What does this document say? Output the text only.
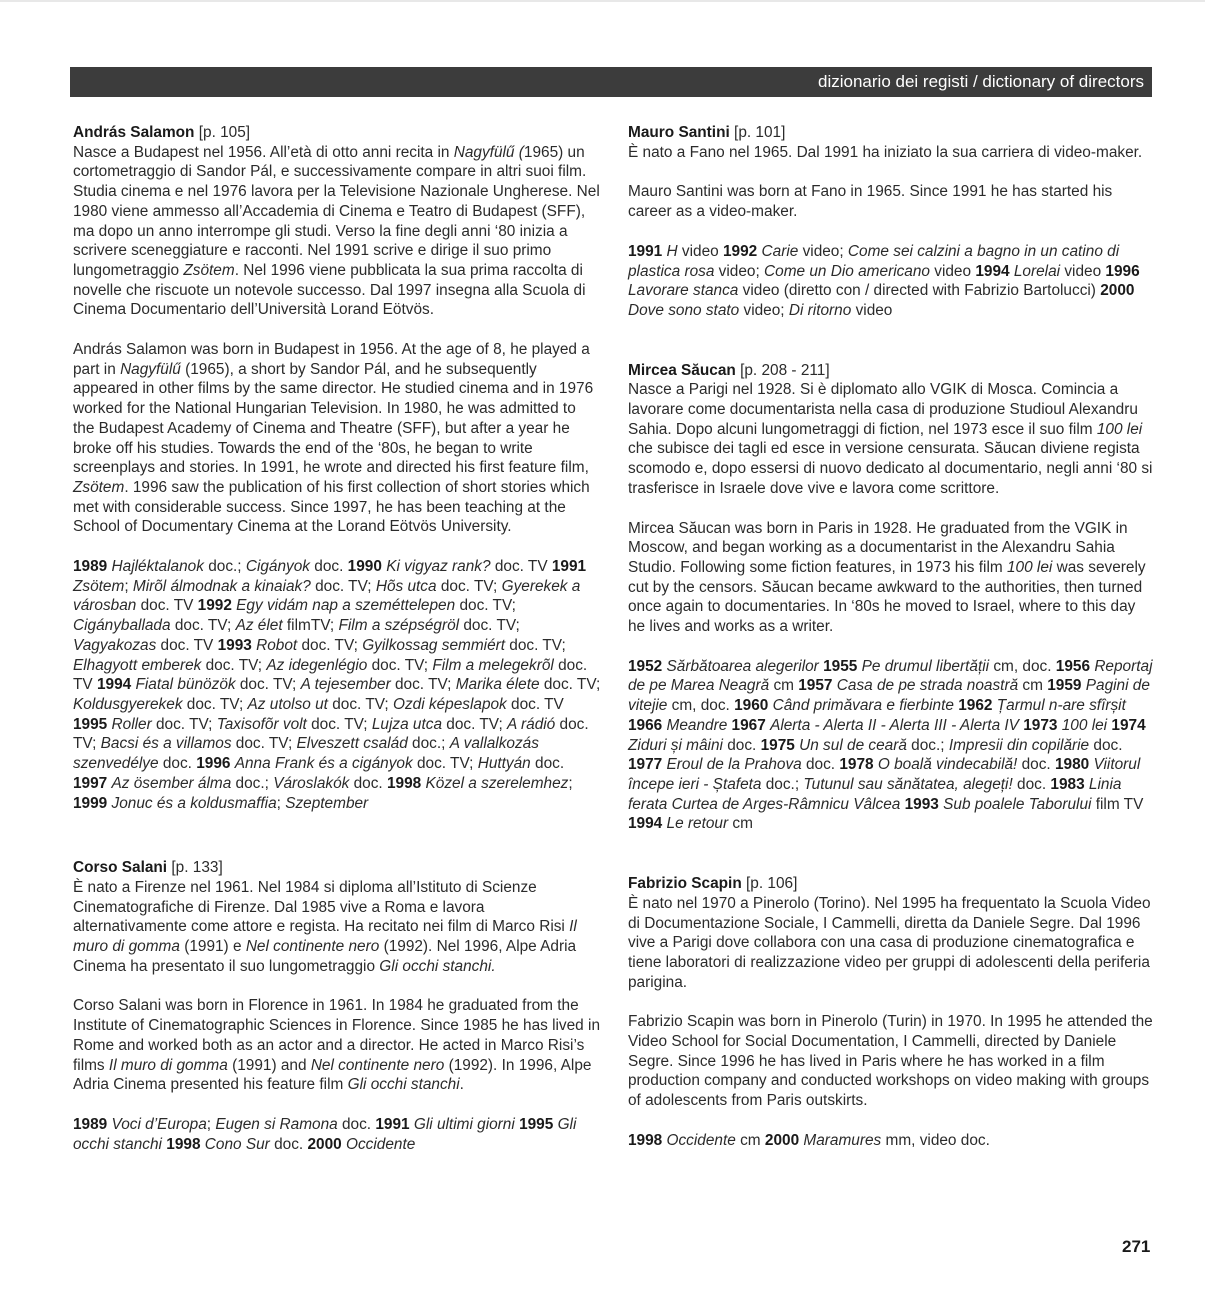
dizionario dei registi / dictionary of directors

András Salamon [p. 105]

Nasce a Budapest nel 1956. All’età di otto anni recita in Nagyfülű (1965) un cortometraggio di Sandor Pál, e successivamente compare in altri suoi film. Studia cinema e nel 1976 lavora per la Televisione Nazionale Ungherese. Nel 1980 viene ammesso all’Accademia di Cinema e Teatro di Budapest (SFF), ma dopo un anno interrompe gli studi. Verso la fine degli anni ‘80 inizia a scrivere sceneggiature e racconti. Nel 1991 scrive e dirige il suo primo lungometraggio Zsötem. Nel 1996 viene pubblicata la sua prima raccolta di novelle che riscuote un notevole successo. Dal 1997 insegna alla Scuola di Cinema Documentario dell’Università Lorand Eötvös.

András Salamon was born in Budapest in 1956. At the age of 8, he played a part in Nagyfülű (1965), a short by Sandor Pál, and he subsequently appeared in other films by the same director. He studied cinema and in 1976 worked for the National Hungarian Television. In 1980, he was admitted to the Budapest Academy of Cinema and Theatre (SFF), but after a year he broke off his studies. Towards the end of the ‘80s, he began to write screenplays and stories. In 1991, he wrote and directed his first feature film, Zsötem. 1996 saw the publication of his first collection of short stories which met with considerable success. Since 1997, he has been teaching at the School of Documentary Cinema at the Lorand Eötvös University.

1989 Hajléktalanok doc.; Cigányok doc. 1990 Ki vigyaz rank? doc. TV 1991 Zsötem; Mirõl álmodnak a kinaiak? doc. TV; Hõs utca doc. TV; Gyerekek a városban doc. TV 1992 Egy vidám nap a szeméttelepen doc. TV; Cigányballada doc. TV; Az élet filmTV; Film a szépségröl doc. TV; Vagyakozas doc. TV 1993 Robot doc. TV; Gyilkossag semmiért doc. TV; Elhagyott emberek doc. TV; Az idegenlégio doc. TV; Film a melegekrõl doc. TV 1994 Fiatal bünözök doc. TV; A tejesember doc. TV; Marika élete doc. TV; Koldusgyerekek doc. TV; Az utolso ut doc. TV; Ozdi képeslapok doc. TV 1995 Roller doc. TV; Taxisofõr volt doc. TV; Lujza utca doc. TV; A rádió doc. TV; Bacsi és a villamos doc. TV; Elveszett család doc.; A vallalkozás szenvedélye doc. 1996 Anna Frank és a cigányok doc. TV; Huttyán doc. 1997 Az ösember álma doc.; Városlakók doc. 1998 Közel a szerelemhez; 1999 Jonuc és a koldusmaffia; Szeptember

Corso Salani [p. 133]

È nato a Firenze nel 1961. Nel 1984 si diploma all’Istituto di Scienze Cinematografiche di Firenze. Dal 1985 vive a Roma e lavora alternativamente come attore e regista. Ha recitato nei film di Marco Risi Il muro di gomma (1991) e Nel continente nero (1992). Nel 1996, Alpe Adria Cinema ha presentato il suo lungometraggio Gli occhi stanchi.

Corso Salani was born in Florence in 1961. In 1984 he graduated from the Institute of Cinematographic Sciences in Florence. Since 1985 he has lived in Rome and worked both as an actor and a director. He acted in Marco Risi’s films Il muro di gomma (1991) and Nel continente nero (1992). In 1996, Alpe Adria Cinema presented his feature film Gli occhi stanchi.

1989 Voci d’Europa; Eugen si Ramona doc. 1991 Gli ultimi giorni 1995 Gli occhi stanchi 1998 Cono Sur doc. 2000 Occidente

Mauro Santini [p. 101]

È nato a Fano nel 1965. Dal 1991 ha iniziato la sua carriera di video-maker.

Mauro Santini was born at Fano in 1965. Since 1991 he has started his career as a video-maker.

1991 H video 1992 Carie video; Come sei calzini a bagno in un catino di plastica rosa video; Come un Dio americano video 1994 Lorelai video 1996 Lavorare stanca video (diretto con / directed with Fabrizio Bartolucci) 2000 Dove sono stato video; Di ritorno video

Mircea Săucan [p. 208 - 211]

Nasce a Parigi nel 1928. Si è diplomato allo VGIK di Mosca. Comincia a lavorare come documentarista nella casa di produzione Studioul Alexandru Sahia. Dopo alcuni lungometraggi di fiction, nel 1973 esce il suo film 100 lei che subisce dei tagli ed esce in versione censurata. Săucan diviene regista scomodo e, dopo essersi di nuovo dedicato al documentario, negli anni ‘80 si trasferisce in Israele dove vive e lavora come scrittore.

Mircea Săucan was born in Paris in 1928. He graduated from the VGIK in Moscow, and began working as a documentarist in the Alexandru Sahia Studio. Following some fiction features, in 1973 his film 100 lei was severely cut by the censors. Săucan became awkward to the authorities, then turned once again to documentaries. In ‘80s he moved to Israel, where to this day he lives and works as a writer.

1952 Sărbătoarea alegerilor 1955 Pe drumul libertății cm, doc. 1956 Reportaj de pe Marea Neagră cm 1957 Casa de pe strada noastră cm 1959 Pagini de vitejie cm, doc. 1960 Când primăvara e fierbinte 1962 Țarmul n-are sfîrșit 1966 Meandre 1967 Alerta - Alerta II - Alerta III - Alerta IV 1973 100 lei 1974 Ziduri și mâini doc. 1975 Un sul de ceară doc.; Impresii din copilărie doc. 1977 Eroul de la Prahova doc. 1978 O boală vindecabilă! doc. 1980 Viitorul începe ieri - Ștafeta doc.; Tutunul sau sănătatea, alegeți! doc. 1983 Linia ferata Curtea de Arges-Râmnicu Vâlcea 1993 Sub poalele Taborului film TV 1994 Le retour cm

Fabrizio Scapin [p. 106]

È nato nel 1970 a Pinerolo (Torino). Nel 1995 ha frequentato la Scuola Video di Documentazione Sociale, I Cammelli, diretta da Daniele Segre. Dal 1996 vive a Parigi dove collabora con una casa di produzione cinematografica e tiene laboratori di realizzazione video per gruppi di adolescenti della periferia parigina.

Fabrizio Scapin was born in Pinerolo (Turin) in 1970. In 1995 he attended the Video School for Social Documentation, I Cammelli, directed by Daniele Segre. Since 1996 he has lived in Paris where he has worked in a film production company and conducted workshops on video making with groups of adolescents from Paris outskirts.

1998 Occidente cm 2000 Maramures mm, video doc.

271
